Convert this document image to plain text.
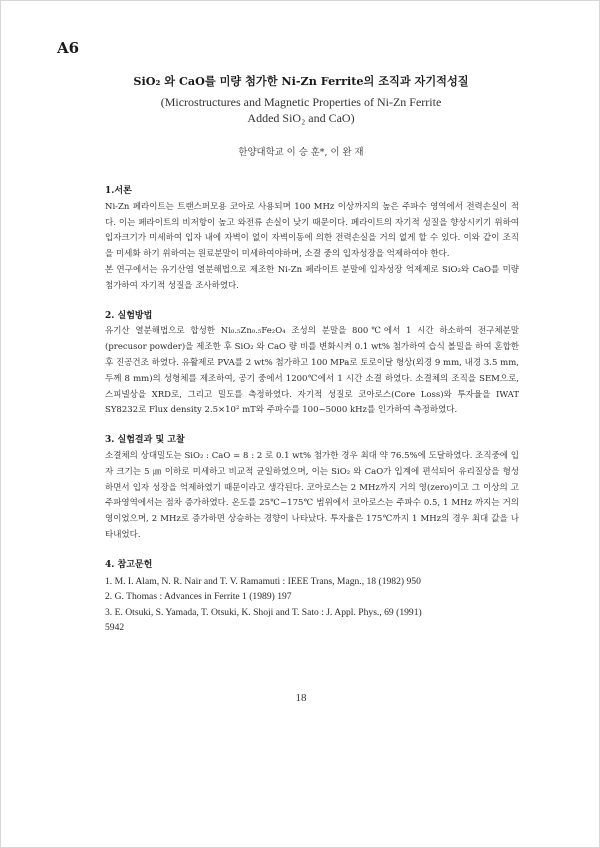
A6
SiO₂ 와 CaO를 미량 첨가한 Ni-Zn Ferrite의 조직과 자기적성질
(Microstructures and Magnetic Properties of Ni-Zn Ferrite
Added SiO₂ and CaO)
한양대학교 이 승 훈*, 이 완 재

1.서론

Ni-Zn 페라이트는 트랜스퍼모용 코아로 사용되며 100 MHz 이상까지의 높은 주파수 영역에서 전력손실이 적다. 이는 페라이트의 비저항이 높고 와전류 손실이 낮기 때문이다. 페라이트의 자기적 성질을 향상시키기 위하여 입자크기가 미세하여 입자 내에 자벽이 없이 자벽이동에 의한 전력손실을 거의 없게 할 수 있다. 이와 같이 조직을 미세화 하기 위하여는 원료분말이 미세하여야하며, 소결 중의 입자성장을 억제하여야 한다.

본 연구에서는 유기산염 열분해법으로 제조한 Ni-Zn 페라이트 분말에 입자성장 억제제로 SiO₂와 CaO를 미량 첨가하여 자기적 성질을 조사하였다.

2. 실험방법

유기산 열분해법으로 합성한 Ni₀.₅Zn₀.₅Fe₂O₄ 조성의 분말을 800℃에서 1 시간 하소하여 전구체분말(precusor powder)을 제조한 후 SiO₂ 와 CaO 량 비를 변화시켜 0.1 wt% 첨가하여 습식 볼밀을 하여 혼합한 후 진공건조 하였다. 유활제로 PVA를 2 wt% 첨가하고 100 MPa로 토로이달 형상(외경 9 mm, 내경 3.5 mm, 두께 8 mm)의 성형체를 제조하여, 공기 중에서 1200℃에서 1 시간 소결 하였다. 소결체의 조직을 SEM으로, 스피넬상을 XRD로, 그리고 밀도를 측정하였다. 자기적 성질로 코아로스(Core Loss)와 투자율을 IWAT SY8232로 Flux density 2.5×10² mT와 주파수를 100~5000 kHz를 인가하여 측정하였다.

3. 실험결과 및 고찰

소결체의 상대밀도는 SiO₂ : CaO = 8 : 2 로 0.1 wt% 첨가한 경우 최대 약 76.5%에 도달하였다. 조직중에 입자 크기는 5 ㎛ 이하로 미세하고 비교적 균일하였으며, 이는 SiO₂ 와 CaO가 입계에 편석되어 유리질상을 형성하면서 입자 성장을 억제하였기 때문이라고 생각된다. 코아로스는 2 MHz까지 거의 영(zero)이고 그 이상의 고주파영역에서는 점차 증가하였다. 온도를 25℃~175℃ 범위에서 코아로스는 주파수 0.5, 1 MHz 까지는 거의 영이었으며, 2 MHz로 증가하면 상승하는 경향이 나타났다. 투자율은 175℃까지 1 MHz의 경우 최대 값을 나타내었다.

4. 참고문헌

1. M. I. Alam, N. R. Nair and T. V. Ramamuti : IEEE Trans, Magn., 18 (1982) 950
2. G. Thomas : Advances in Ferrite 1 (1989) 197
3. E. Otsuki, S. Yamada, T. Otsuki, K. Shoji and T. Sato : J. Appl. Phys., 69 (1991)
5942
18
